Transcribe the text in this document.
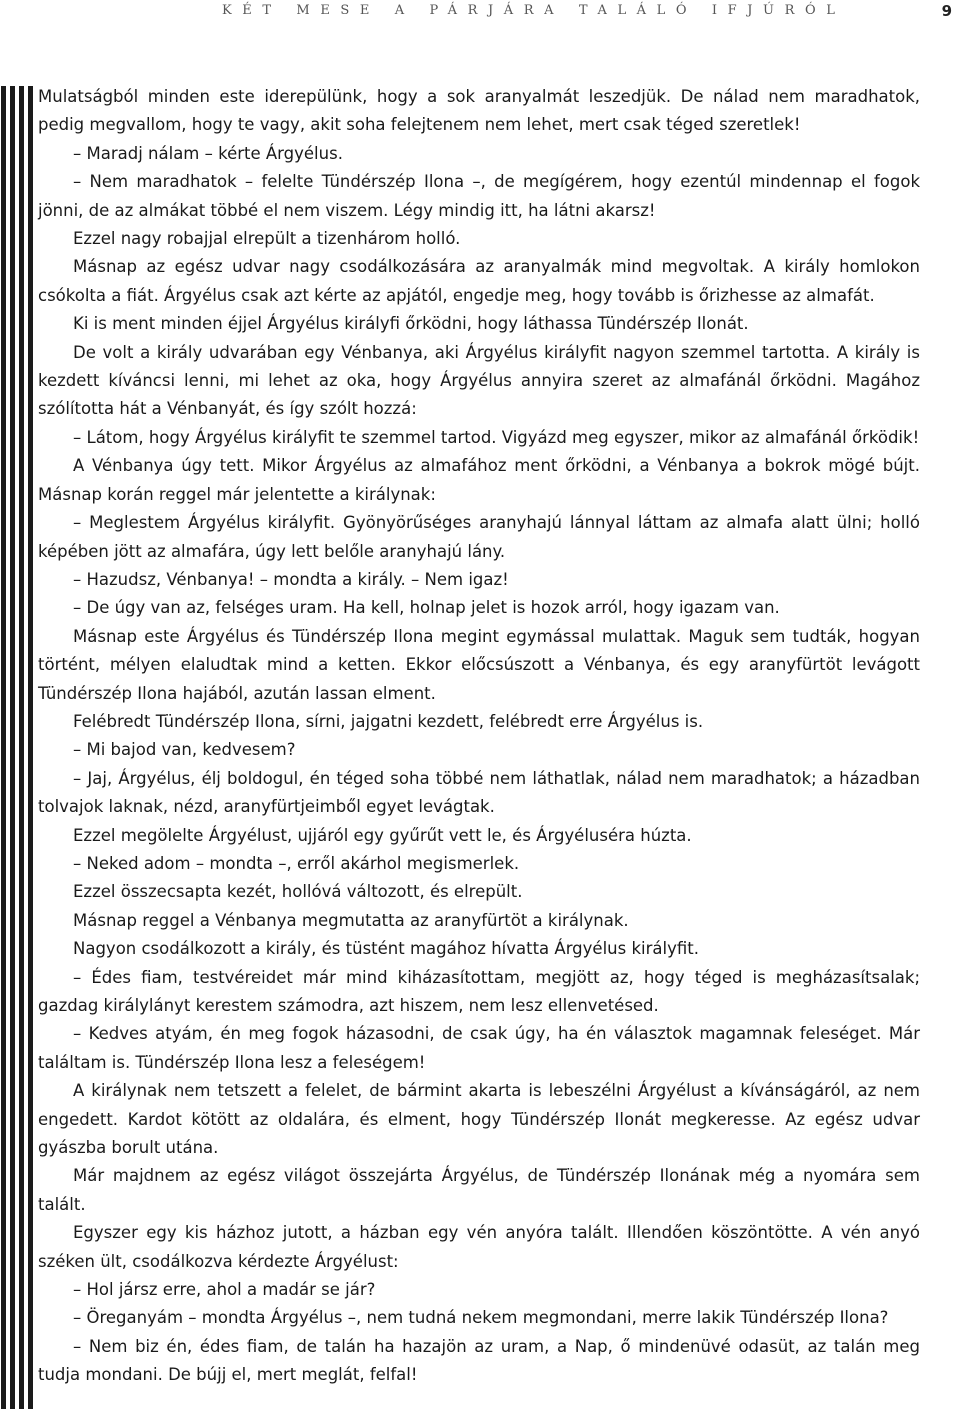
KÉT MESE A PÁRJÁRA TALÁLÓ IFJÚRÓL	9

Mulatságból minden este iderepülünk, hogy a sok aranyalmát leszedjük. De nálad nem maradhatok, pedig megvallom, hogy te vagy, akit soha felejtenem nem lehet, mert csak téged szeretlek!

– Maradj nálam – kérte Árgyélus.

– Nem maradhatok – felelte Tündérszép Ilona –, de megígérem, hogy ezentúl mindennap el fogok jönni, de az almákat többé el nem viszem. Légy mindig itt, ha látni akarsz!

Ezzel nagy robajjal elrepült a tizenhárom holló.

Másnap az egész udvar nagy csodálkozására az aranyalmák mind megvoltak. A király homlokon csókolta a fiát. Árgyélus csak azt kérte az apjától, engedje meg, hogy tovább is őrizhesse az almafát.

Ki is ment minden éjjel Árgyélus királyfi őrködni, hogy láthassa Tündérszép Ilonát.

De volt a király udvarában egy Vénbanya, aki Árgyélus királyfit nagyon szemmel tartotta. A király is kezdett kíváncsi lenni, mi lehet az oka, hogy Árgyélus annyira szeret az almafánál őrködni. Magához szólította hát a Vénbanyát, és így szólt hozzá:

– Látom, hogy Árgyélus királyfit te szemmel tartod. Vigyázd meg egyszer, mikor az almafánál őrködik!

A Vénbanya úgy tett. Mikor Árgyélus az almafához ment őrködni, a Vénbanya a bokrok mögé bújt. Másnap korán reggel már jelentette a királynak:

– Meglestem Árgyélus királyfit. Gyönyörűséges aranyhajú lánnyal láttam az almafa alatt ülni; holló képében jött az almafára, úgy lett belőle aranyhajú lány.

– Hazudsz, Vénbanya! – mondta a király. – Nem igaz!

– De úgy van az, felséges uram. Ha kell, holnap jelet is hozok arról, hogy igazam van.

Másnap este Árgyélus és Tündérszép Ilona megint egymással mulattak. Maguk sem tudták, hogyan történt, mélyen elaludtak mind a ketten. Ekkor előcsúszott a Vénbanya, és egy aranyfürtöt levágott Tündérszép Ilona hajából, azután lassan elment.

Felébredt Tündérszép Ilona, sírni, jajgatni kezdett, felébredt erre Árgyélus is.

– Mi bajod van, kedvesem?

– Jaj, Árgyélus, élj boldogul, én téged soha többé nem láthatlak, nálad nem maradhatok; a házadban tolvajok laknak, nézd, aranyfürtjeimből egyet levágtak.

Ezzel megölelte Árgyélust, ujjáról egy gyűrűt vett le, és Árgyéluséra húzta.

– Neked adom – mondta –, erről akárhol megismerlek.

Ezzel összecsapta kezét, hollóvá változott, és elrepült.

Másnap reggel a Vénbanya megmutatta az aranyfürtöt a királynak.

Nagyon csodálkozott a király, és tüstént magához hívatta Árgyélus királyfit.

– Édes fiam, testvéreidet már mind kiházasítottam, megjött az, hogy téged is megházasítsalak; gazdag királylányt kerestem számodra, azt hiszem, nem lesz ellenvetésed.

– Kedves atyám, én meg fogok házasodni, de csak úgy, ha én választok magamnak feleséget. Már találtam is. Tündérszép Ilona lesz a feleségem!

A királynak nem tetszett a felelet, de bármint akarta is lebeszélni Árgyélust a kívánságáról, az nem engedett. Kardot kötött az oldalára, és elment, hogy Tündérszép Ilonát megkeresse. Az egész udvar gyászba borult utána.

Már majdnem az egész világot összejárta Árgyélus, de Tündérszép Ilonának még a nyomára sem talált.

Egyszer egy kis házhoz jutott, a házban egy vén anyóra talált. Illendően köszöntötte. A vén anyó széken ült, csodálkozva kérdezte Árgyélust:

– Hol jársz erre, ahol a madár se jár?

– Öreganyám – mondta Árgyélus –, nem tudná nekem megmondani, merre lakik Tündérszép Ilona?

– Nem biz én, édes fiam, de talán ha hazajön az uram, a Nap, ő mindenüvé odasüt, az talán meg tudja mondani. De bújj el, mert meglát, felfal!
